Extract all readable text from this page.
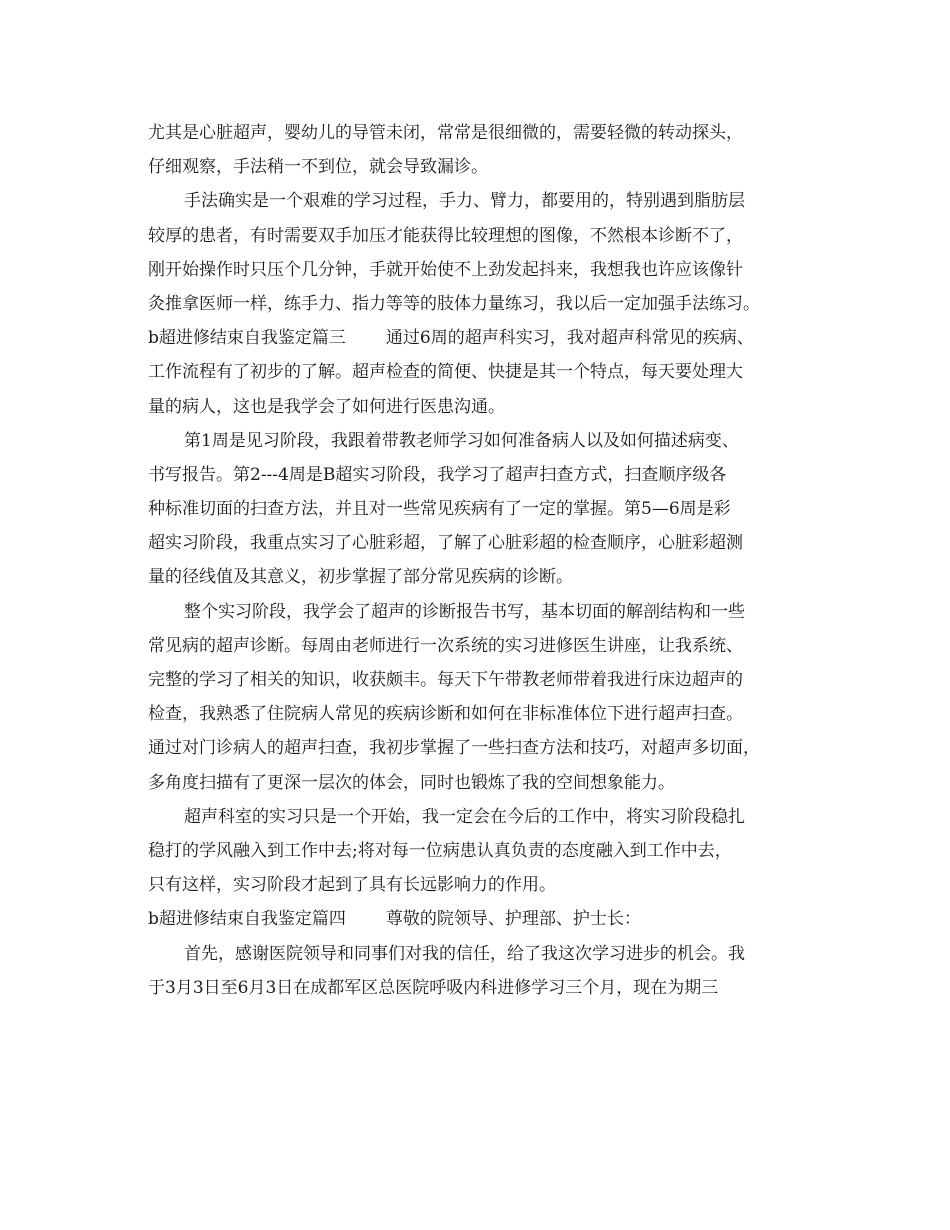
尤其是心脏超声，婴幼儿的导管未闭，常常是很细微的，需要轻微的转动探头，
仔细观察，手法稍一不到位，就会导致漏诊。
手法确实是一个艰难的学习过程，手力、臂力，都要用的，特别遇到脂肪层
较厚的患者，有时需要双手加压才能获得比较理想的图像，不然根本诊断不了，
刚开始操作时只压个几分钟，手就开始使不上劲发起抖来，我想我也许应该像针
灸推拿医师一样，练手力、指力等等的肢体力量练习，我以后一定加强手法练习。
b超进修结束自我鉴定篇三 通过6周的超声科实习，我对超声科常见的疾病、
工作流程有了初步的了解。超声检查的简便、快捷是其一个特点，每天要处理大
量的病人，这也是我学会了如何进行医患沟通。
第1周是见习阶段，我跟着带教老师学习如何准备病人以及如何描述病变、
书写报告。第2---4周是B超实习阶段，我学习了超声扫查方式，扫查顺序级各
种标准切面的扫查方法，并且对一些常见疾病有了一定的掌握。第5—6周是彩
超实习阶段，我重点实习了心脏彩超，了解了心脏彩超的检查顺序，心脏彩超测
量的径线值及其意义，初步掌握了部分常见疾病的诊断。
整个实习阶段，我学会了超声的诊断报告书写，基本切面的解剖结构和一些
常见病的超声诊断。每周由老师进行一次系统的实习进修医生讲座，让我系统、
完整的学习了相关的知识，收获颇丰。每天下午带教老师带着我进行床边超声的
检查，我熟悉了住院病人常见的疾病诊断和如何在非标准体位下进行超声扫查。
通过对门诊病人的超声扫查，我初步掌握了一些扫查方法和技巧，对超声多切面，
多角度扫描有了更深一层次的体会，同时也锻炼了我的空间想象能力。
超声科室的实习只是一个开始，我一定会在今后的工作中，将实习阶段稳扎
稳打的学风融入到工作中去;将对每一位病患认真负责的态度融入到工作中去，
只有这样，实习阶段才起到了具有长远影响力的作用。
b超进修结束自我鉴定篇四 尊敬的院领导、护理部、护士长：
首先，感谢医院领导和同事们对我的信任，给了我这次学习进步的机会。我
于3月3日至6月3日在成都军区总医院呼吸内科进修学习三个月，现在为期三
